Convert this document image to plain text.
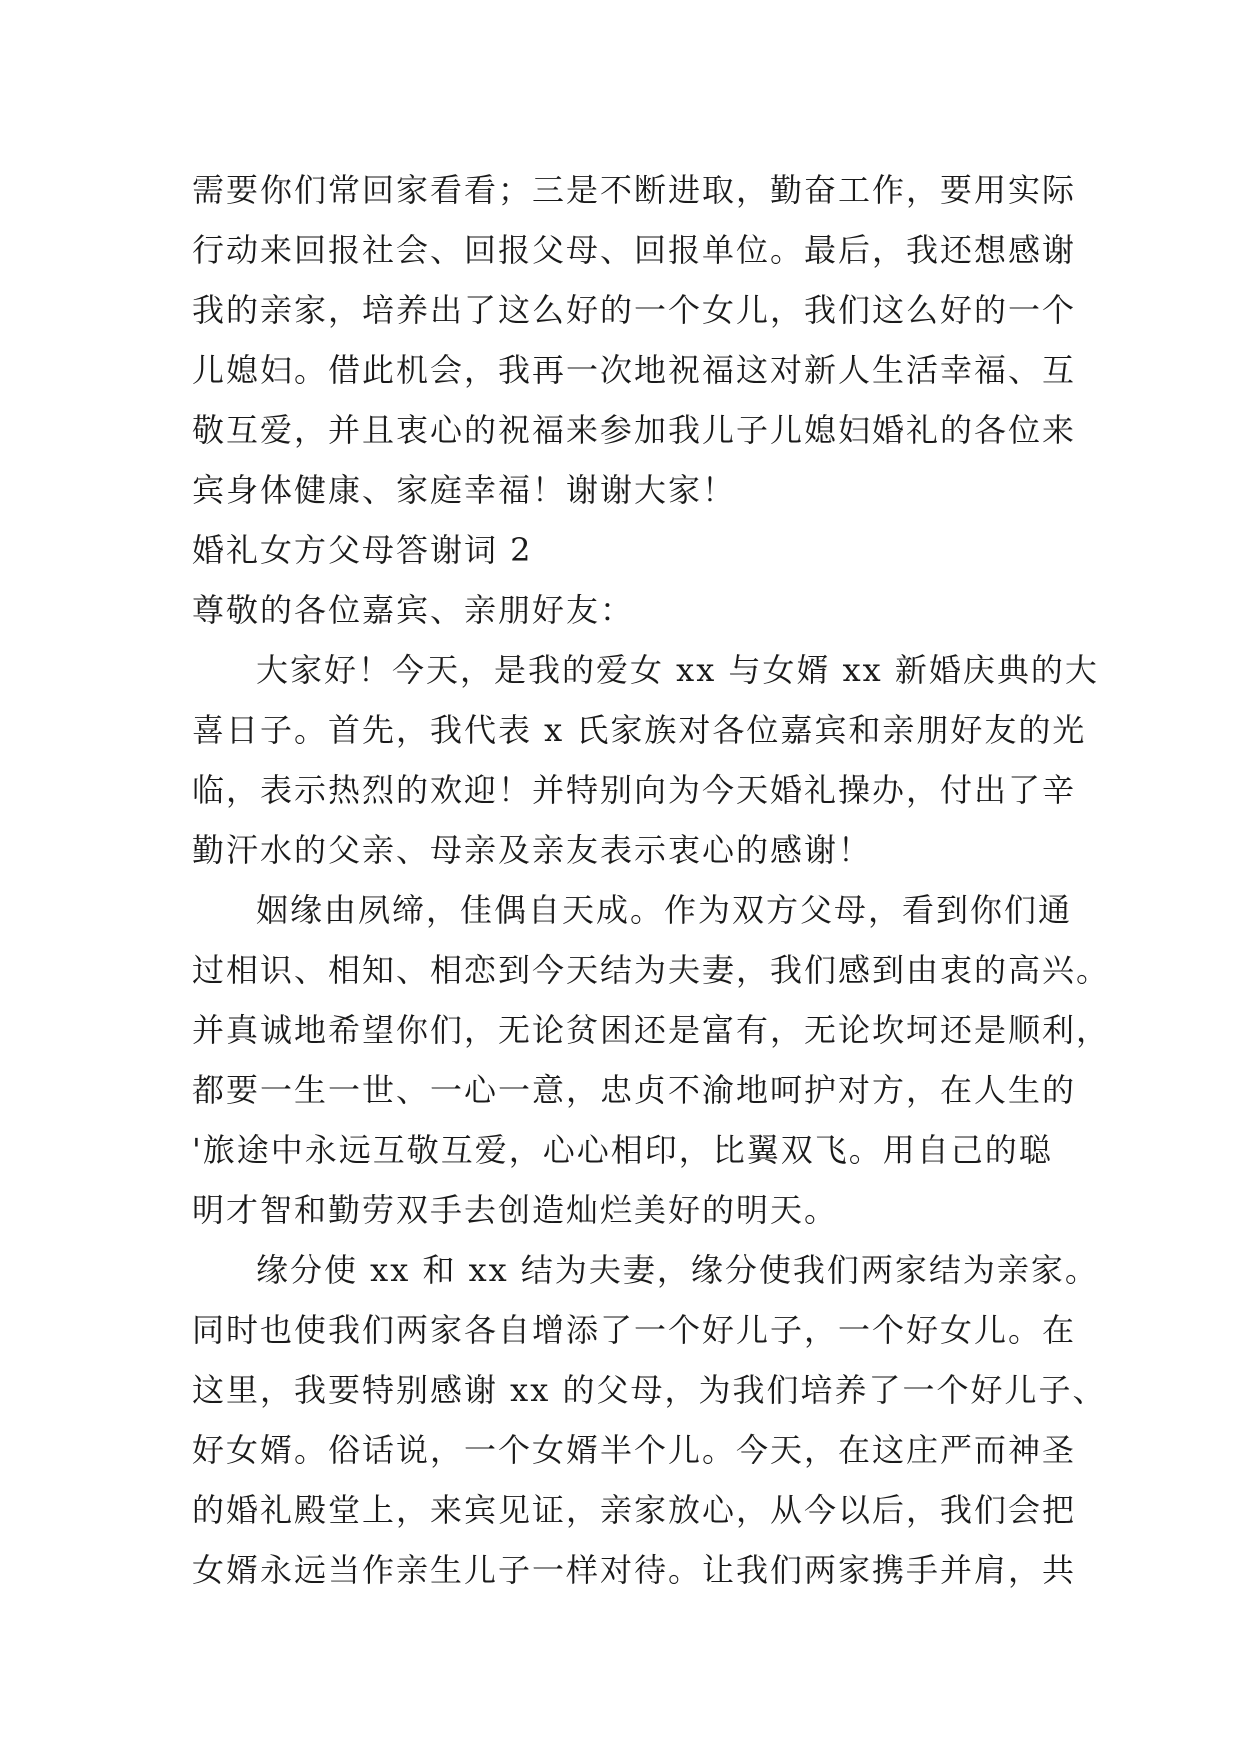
需要你们常回家看看；三是不断进取，勤奋工作，要用实际
行动来回报社会、回报父母、回报单位。最后，我还想感谢
我的亲家，培养出了这么好的一个女儿，我们这么好的一个
儿媳妇。借此机会，我再一次地祝福这对新人生活幸福、互
敬互爱，并且衷心的祝福来参加我儿子儿媳妇婚礼的各位来
宾身体健康、家庭幸福！谢谢大家！
婚礼女方父母答谢词 2
尊敬的各位嘉宾、亲朋好友：
大家好！今天，是我的爱女 xx 与女婿 xx 新婚庆典的大
喜日子。首先，我代表 x 氏家族对各位嘉宾和亲朋好友的光
临，表示热烈的欢迎！并特别向为今天婚礼操办，付出了辛
勤汗水的父亲、母亲及亲友表示衷心的感谢！
姻缘由夙缔，佳偶自天成。作为双方父母，看到你们通
过相识、相知、相恋到今天结为夫妻，我们感到由衷的高兴。
并真诚地希望你们，无论贫困还是富有，无论坎坷还是顺利，
都要一生一世、一心一意，忠贞不渝地呵护对方，在人生的
'旅途中永远互敬互爱，心心相印，比翼双飞。用自己的聪
明才智和勤劳双手去创造灿烂美好的明天。
缘分使 xx 和 xx 结为夫妻，缘分使我们两家结为亲家。
同时也使我们两家各自增添了一个好儿子，一个好女儿。在
这里，我要特别感谢 xx 的父母，为我们培养了一个好儿子、
好女婿。俗话说，一个女婿半个儿。今天，在这庄严而神圣
的婚礼殿堂上，来宾见证，亲家放心，从今以后，我们会把
女婿永远当作亲生儿子一样对待。让我们两家携手并肩，共
